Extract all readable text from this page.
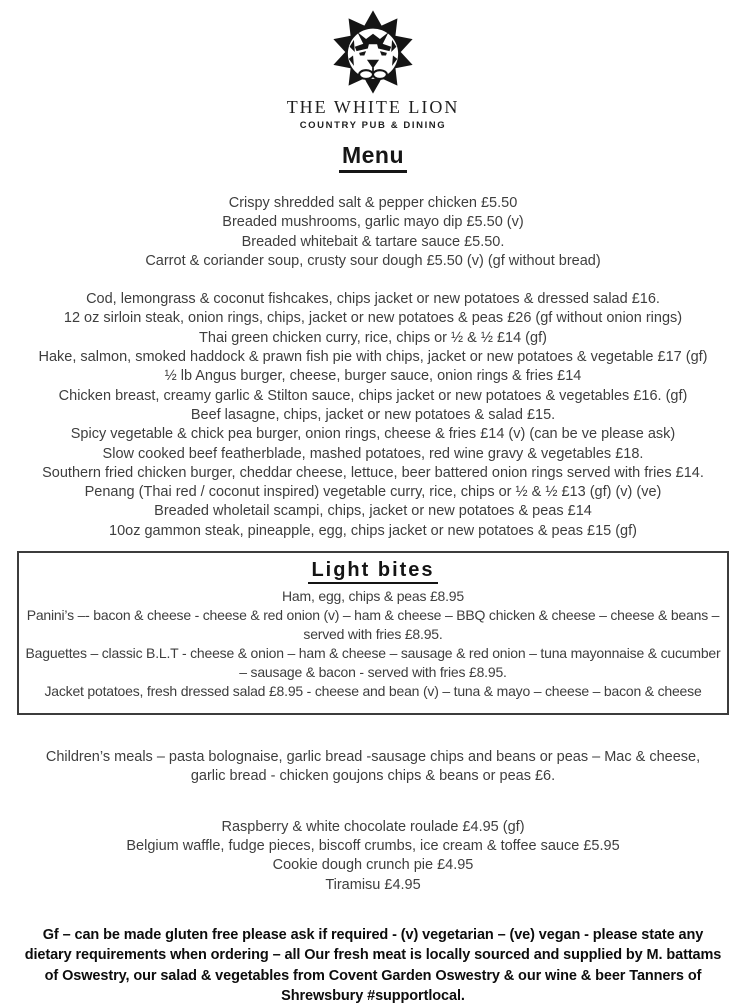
THE WHITE LION
COUNTRY PUB & DINING
Menu

Crispy shredded salt & pepper chicken £5.50

Breaded mushrooms, garlic mayo dip £5.50 (v)

Breaded whitebait & tartare sauce £5.50.

Carrot & coriander soup, crusty sour dough £5.50 (v) (gf without bread)

Cod, lemongrass & coconut fishcakes, chips jacket or new potatoes & dressed salad £16.

12 oz sirloin steak, onion rings, chips, jacket or new potatoes & peas £26 (gf without onion rings)

Thai green chicken curry, rice, chips or ½ & ½ £14 (gf)

Hake, salmon, smoked haddock & prawn fish pie with chips, jacket or new potatoes & vegetable £17 (gf)

½ lb Angus burger, cheese, burger sauce, onion rings & fries £14

Chicken breast, creamy garlic & Stilton sauce, chips jacket or new potatoes & vegetables £16. (gf)

Beef lasagne, chips, jacket or new potatoes & salad £15.

Spicy vegetable & chick pea burger, onion rings, cheese & fries £14 (v) (can be ve please ask)

Slow cooked beef featherblade, mashed potatoes, red wine gravy & vegetables £18.

Southern fried chicken burger, cheddar cheese, lettuce, beer battered onion rings served with fries £14.

Penang (Thai red / coconut inspired) vegetable curry, rice, chips or ½ & ½ £13 (gf) (v) (ve)

Breaded wholetail scampi, chips, jacket or new potatoes & peas £14

10oz gammon steak, pineapple, egg, chips jacket or new potatoes & peas £15 (gf)

Light bites

Ham, egg, chips & peas £8.95

Panini’s –- bacon & cheese - cheese & red onion (v) – ham & cheese – BBQ chicken & cheese – cheese & beans – served with fries £8.95.

Baguettes – classic B.L.T - cheese & onion – ham & cheese – sausage & red onion – tuna mayonnaise & cucumber – sausage & bacon - served with fries £8.95.

Jacket potatoes, fresh dressed salad £8.95 - cheese and bean (v) – tuna & mayo – cheese – bacon & cheese

Children’s meals – pasta bolognaise, garlic bread -sausage chips and beans or peas – Mac & cheese, garlic bread - chicken goujons chips & beans or peas £6.

Raspberry & white chocolate roulade £4.95 (gf)

Belgium waffle, fudge pieces, biscoff crumbs, ice cream & toffee sauce £5.95

Cookie dough crunch pie £4.95

Tiramisu £4.95

Gf – can be made gluten free please ask if required - (v) vegetarian – (ve) vegan - please state any dietary requirements when ordering – all Our fresh meat is locally sourced and supplied by M. battams of Oswestry, our salad & vegetables from Covent Garden Oswestry & our wine & beer Tanners of Shrewsbury #supportlocal.
